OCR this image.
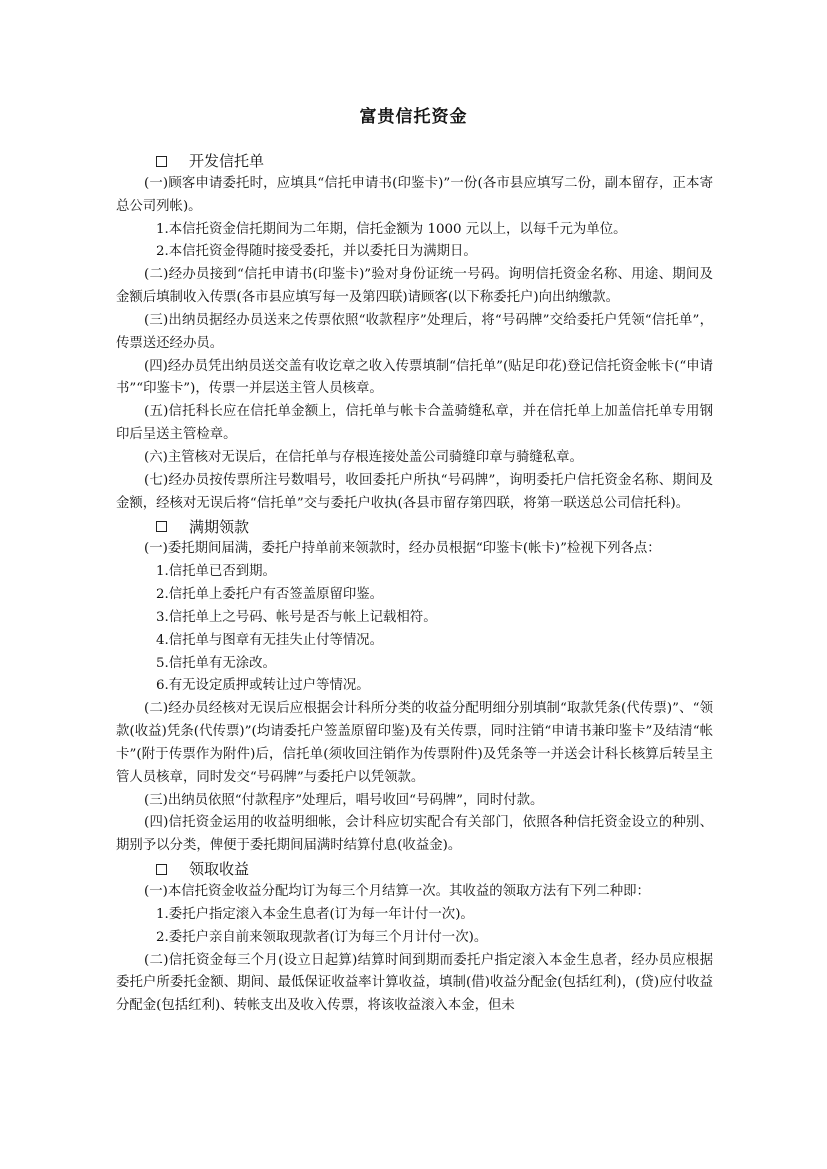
富贵信托资金
开发信托单

(一)顾客申请委托时，应填具“信托申请书(印鉴卡)”一份(各市县应填写二份，副本留存，正本寄总公司列帐)。

1.本信托资金信托期间为二年期，信托金额为 1000 元以上，以每千元为单位。

2.本信托资金得随时接受委托，并以委托日为满期日。

(二)经办员接到“信托申请书(印鉴卡)”验对身份证统一号码。询明信托资金名称、用途、期间及金额后填制收入传票(各市县应填写每一及第四联)请顾客(以下称委托户)向出纳缴款。

(三)出纳员据经办员送来之传票依照“收款程序”处理后，将“号码牌”交给委托户凭领“信托单”，传票送还经办员。

(四)经办员凭出纳员送交盖有收讫章之收入传票填制“信托单”(贴足印花)登记信托资金帐卡(“申请书”“印鉴卡”)，传票一并层送主管人员核章。

(五)信托科长应在信托单金额上，信托单与帐卡合盖骑缝私章，并在信托单上加盖信托单专用钢印后呈送主管检章。

(六)主管核对无误后，在信托单与存根连接处盖公司骑缝印章与骑缝私章。

(七)经办员按传票所注号数唱号，收回委托户所执“号码牌”，询明委托户信托资金名称、期间及金额，经核对无误后将“信托单”交与委托户收执(各县市留存第四联，将第一联送总公司信托科)。

满期领款

(一)委托期间届满，委托户持单前来领款时，经办员根据“印鉴卡(帐卡)”检视下列各点：

1.信托单已否到期。

2.信托单上委托户有否签盖原留印鉴。

3.信托单上之号码、帐号是否与帐上记载相符。

4.信托单与图章有无挂失止付等情况。

5.信托单有无涂改。

6.有无设定质押或转让过户等情况。

(二)经办员经核对无误后应根据会计科所分类的收益分配明细分别填制“取款凭条(代传票)”、“领款(收益)凭条(代传票)”(均请委托户签盖原留印鉴)及有关传票，同时注销“申请书兼印鉴卡”及结清“帐卡”(附于传票作为附件)后，信托单(须收回注销作为传票附件)及凭条等一并送会计科长核算后转呈主管人员核章，同时发交“号码牌”与委托户以凭领款。

(三)出纳员依照“付款程序”处理后，唱号收回“号码牌”，同时付款。

(四)信托资金运用的收益明细帐，会计科应切实配合有关部门，依照各种信托资金设立的种别、期别予以分类，俾便于委托期间届满时结算付息(收益金)。

领取收益

(一)本信托资金收益分配均订为每三个月结算一次。其收益的领取方法有下列二种即：

1.委托户指定滚入本金生息者(订为每一年计付一次)。

2.委托户亲自前来领取现款者(订为每三个月计付一次)。

(二)信托资金每三个月(设立日起算)结算时间到期而委托户指定滚入本金生息者，经办员应根据委托户所委托金额、期间、最低保证收益率计算收益，填制(借)收益分配金(包括红利)，(贷)应付收益分配金(包括红利)、转帐支出及收入传票，将该收益滚入本金，但未
